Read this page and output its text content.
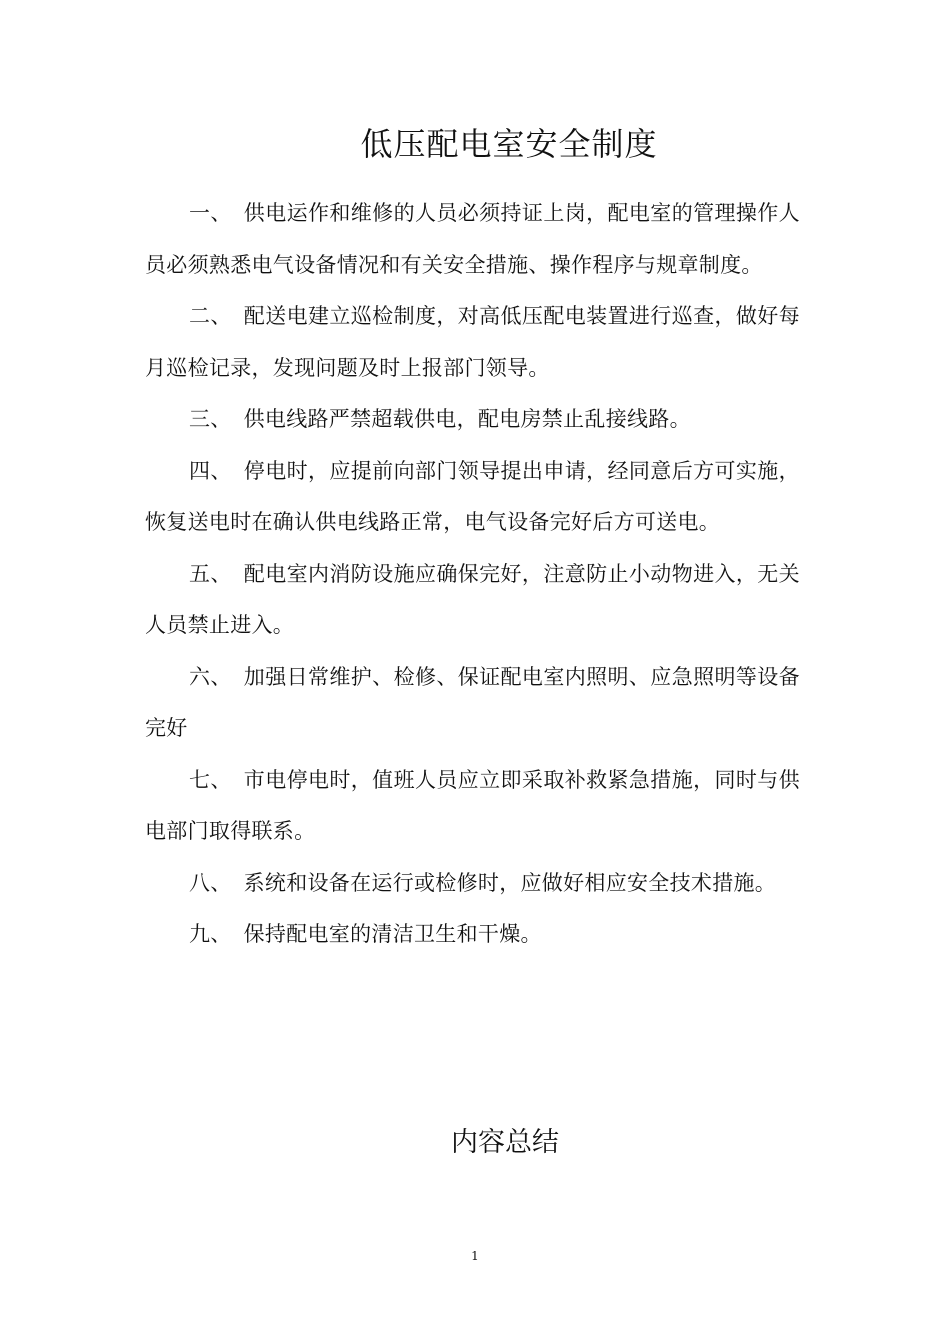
低压配电室安全制度

一、 供电运作和维修的人员必须持证上岗，配电室的管理操作人员必须熟悉电气设备情况和有关安全措施、操作程序与规章制度。

二、 配送电建立巡检制度，对高低压配电装置进行巡查，做好每月巡检记录，发现问题及时上报部门领导。

三、 供电线路严禁超载供电，配电房禁止乱接线路。

四、 停电时，应提前向部门领导提出申请，经同意后方可实施，恢复送电时在确认供电线路正常，电气设备完好后方可送电。

五、 配电室内消防设施应确保完好，注意防止小动物进入，无关人员禁止进入。

六、 加强日常维护、检修、保证配电室内照明、应急照明等设备完好

七、 市电停电时，值班人员应立即采取补救紧急措施，同时与供电部门取得联系。

八、 系统和设备在运行或检修时，应做好相应安全技术措施。

九、 保持配电室的清洁卫生和干燥。

内容总结
1
